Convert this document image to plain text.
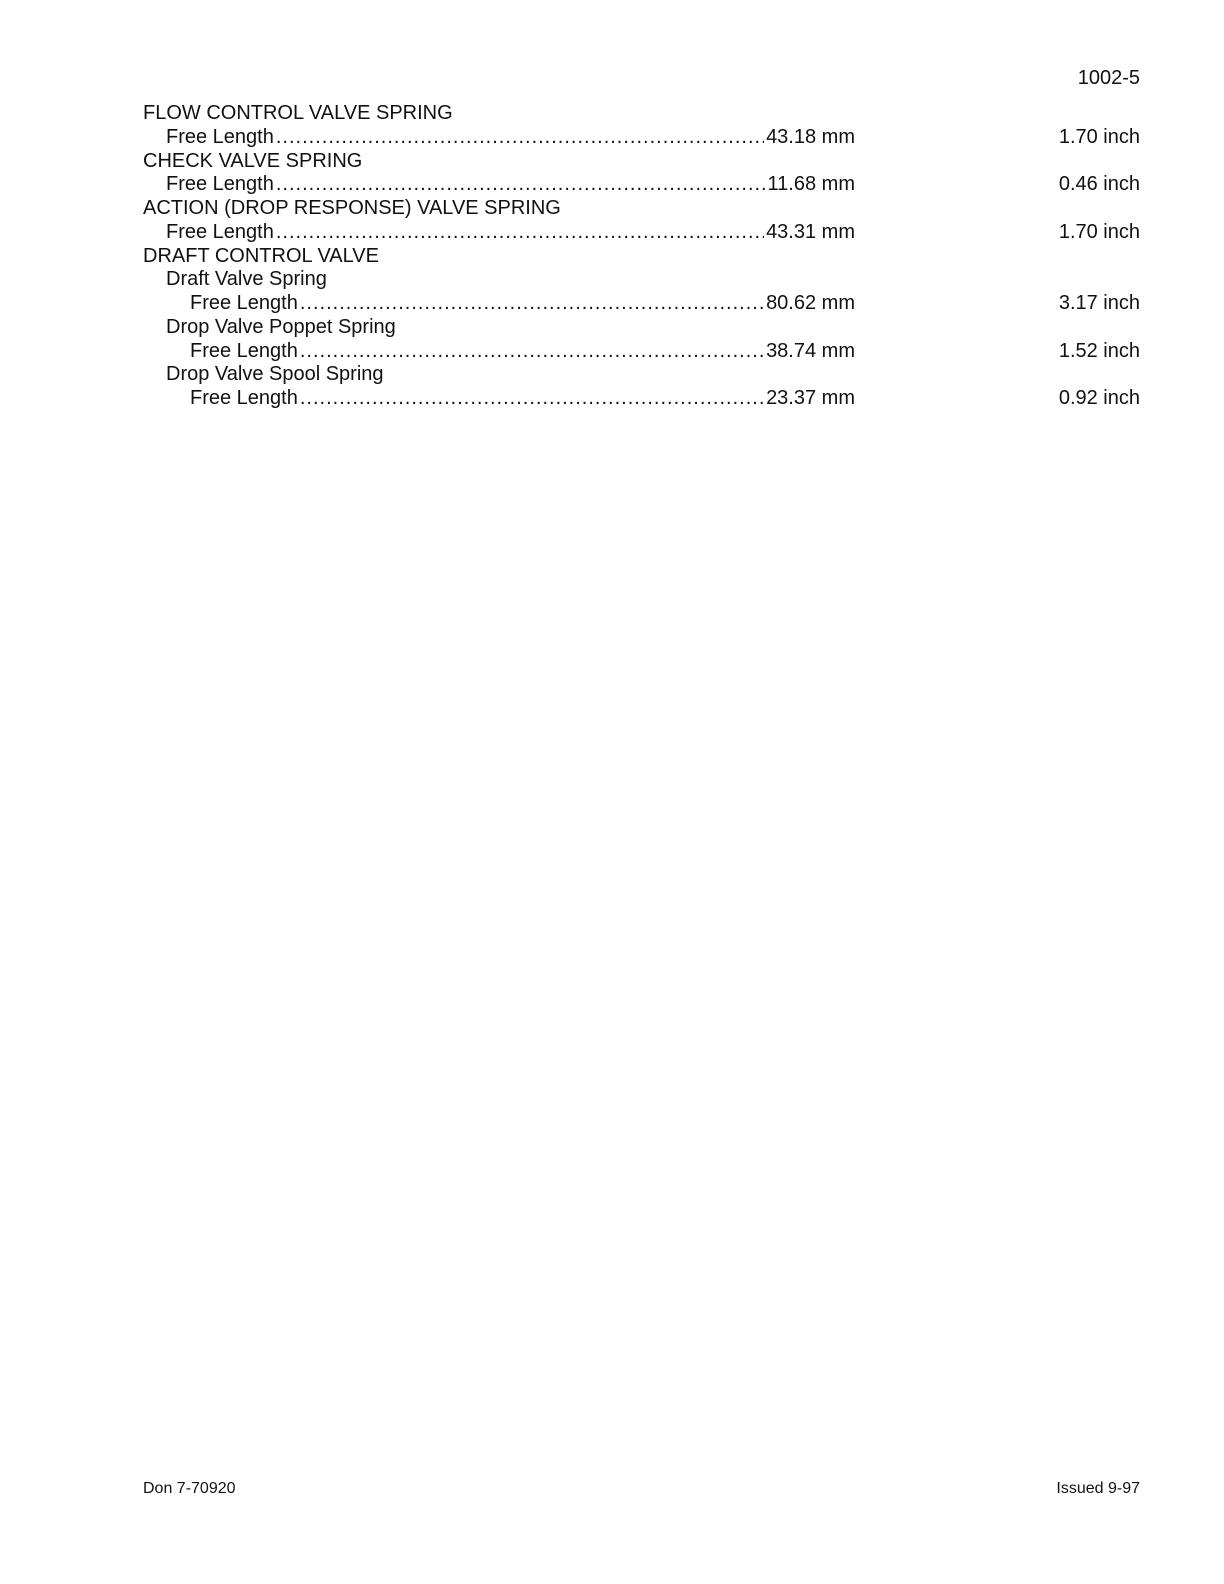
1002-5
FLOW CONTROL VALVE SPRING
Free Length .....	43.18 mm	1.70 inch
CHECK VALVE SPRING
Free Length .....	11.68 mm	0.46 inch
ACTION (DROP RESPONSE) VALVE SPRING
Free Length .....	43.31 mm	1.70 inch
DRAFT CONTROL VALVE
Draft Valve Spring
Free Length .....	80.62 mm	3.17 inch
Drop Valve Poppet Spring
Free Length .....	38.74 mm	1.52 inch
Drop Valve Spool Spring
Free Length .....	23.37 mm	0.92 inch
Don 7-70920	Issued 9-97
